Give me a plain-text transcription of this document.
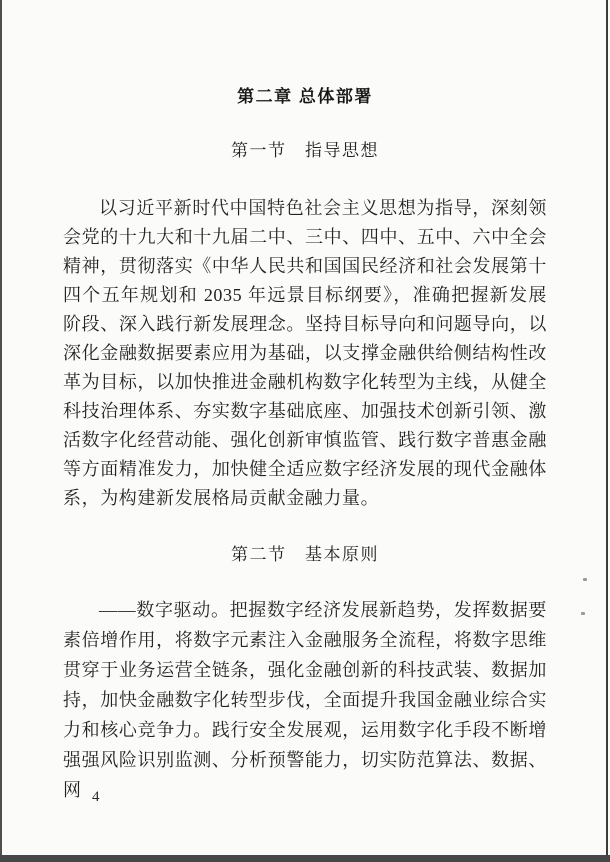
第二章 总体部署
第一节　指导思想

以习近平新时代中国特色社会主义思想为指导，深刻领会党的十九大和十九届二中、三中、四中、五中、六中全会精神，贯彻落实《中华人民共和国国民经济和社会发展第十四个五年规划和 2035 年远景目标纲要》，准确把握新发展阶段、深入践行新发展理念。坚持目标导向和问题导向，以深化金融数据要素应用为基础，以支撑金融供给侧结构性改革为目标，以加快推进金融机构数字化转型为主线，从健全科技治理体系、夯实数字基础底座、加强技术创新引领、激活数字化经营动能、强化创新审慎监管、践行数字普惠金融等方面精准发力，加快健全适应数字经济发展的现代金融体系，为构建新发展格局贡献金融力量。

第二节　基本原则

——数字驱动。把握数字经济发展新趋势，发挥数据要素倍增作用，将数字元素注入金融服务全流程，将数字思维贯穿于业务运营全链条，强化金融创新的科技武装、数据加持，加快金融数字化转型步伐，全面提升我国金融业综合实力和核心竞争力。践行安全发展观，运用数字化手段不断增强强风险识别监测、分析预警能力，切实防范算法、数据、网 4
